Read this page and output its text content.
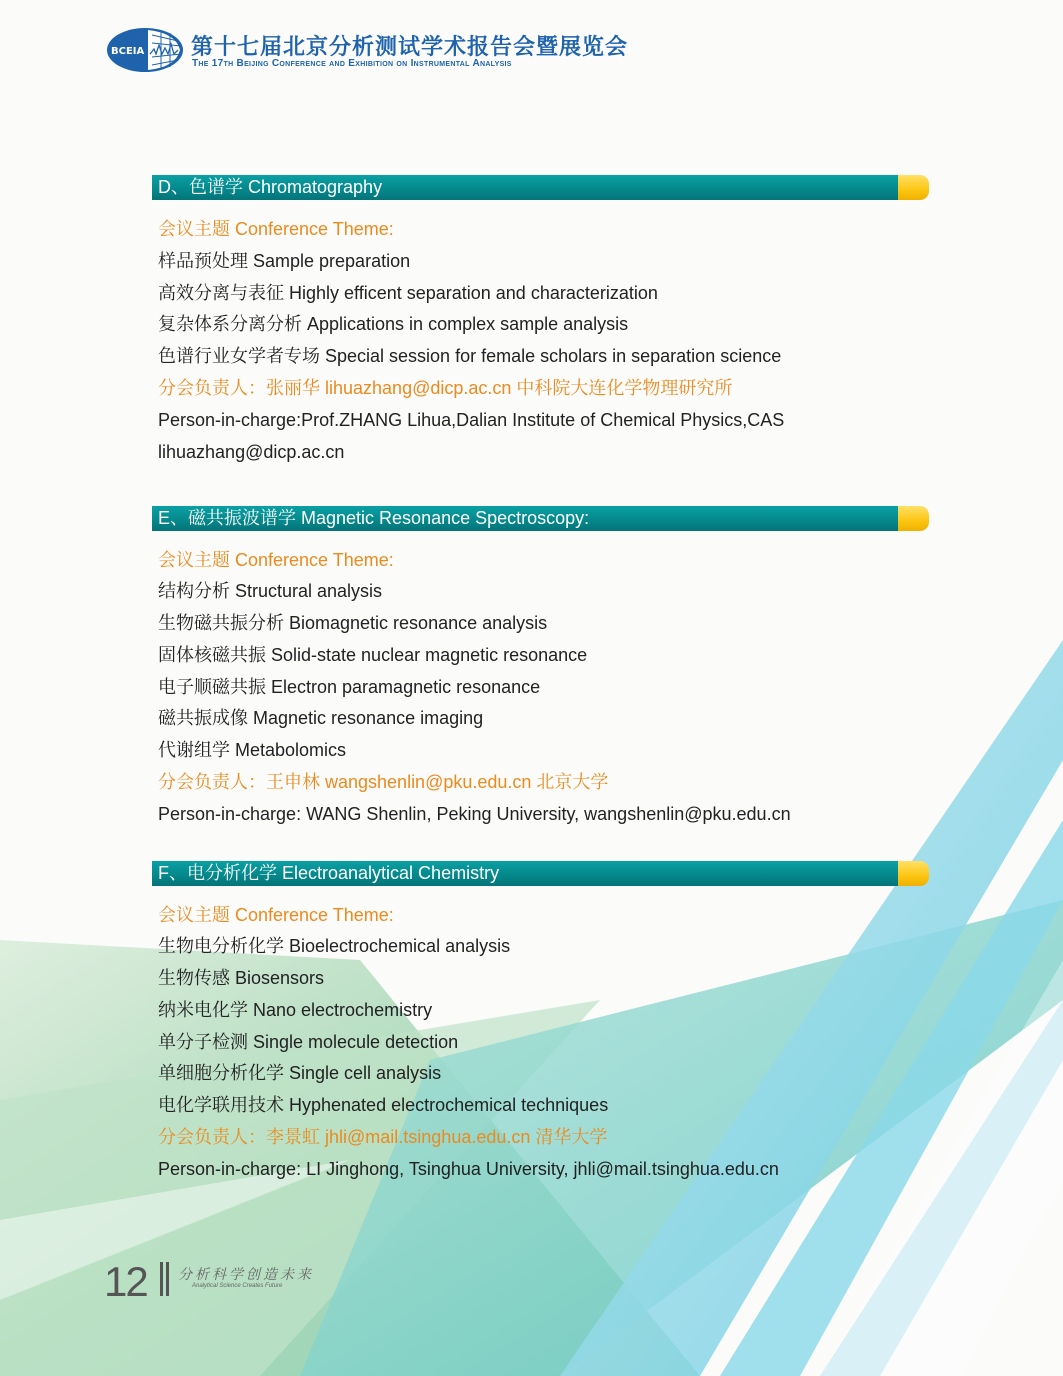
BCEIA 第十七届北京分析测试学术报告会暨展览会
The 17th Beijing Conference and Exhibition on Instrumental Analysis
D、色谱学 Chromatography
会议主题 Conference Theme:
样品预处理 Sample preparation
高效分离与表征 Highly efficent separation and characterization
复杂体系分离分析 Applications in complex sample analysis
色谱行业女学者专场 Special session for female scholars in separation science
分会负责人：张丽华 lihuazhang@dicp.ac.cn 中科院大连化学物理研究所
Person-in-charge:Prof.ZHANG Lihua,Dalian Institute of Chemical Physics,CAS
lihuazhang@dicp.ac.cn
E、磁共振波谱学 Magnetic Resonance Spectroscopy:
会议主题 Conference Theme:
结构分析 Structural analysis
生物磁共振分析 Biomagnetic resonance analysis
固体核磁共振 Solid-state nuclear magnetic resonance
电子顺磁共振 Electron paramagnetic resonance
磁共振成像 Magnetic resonance imaging
代谢组学 Metabolomics
分会负责人：王申林 wangshenlin@pku.edu.cn 北京大学
Person-in-charge: WANG Shenlin, Peking University, wangshenlin@pku.edu.cn
F、电分析化学 Electroanalytical Chemistry
会议主题 Conference Theme:
生物电分析化学 Bioelectrochemical analysis
生物传感 Biosensors
纳米电化学 Nano electrochemistry
单分子检测 Single molecule detection
单细胞分析化学 Single cell analysis
电化学联用技术 Hyphenated electrochemical techniques
分会负责人：李景虹 jhli@mail.tsinghua.edu.cn 清华大学
Person-in-charge: LI Jinghong, Tsinghua University, jhli@mail.tsinghua.edu.cn
12 分析科学创造未来
Analytical Science Creates Future
